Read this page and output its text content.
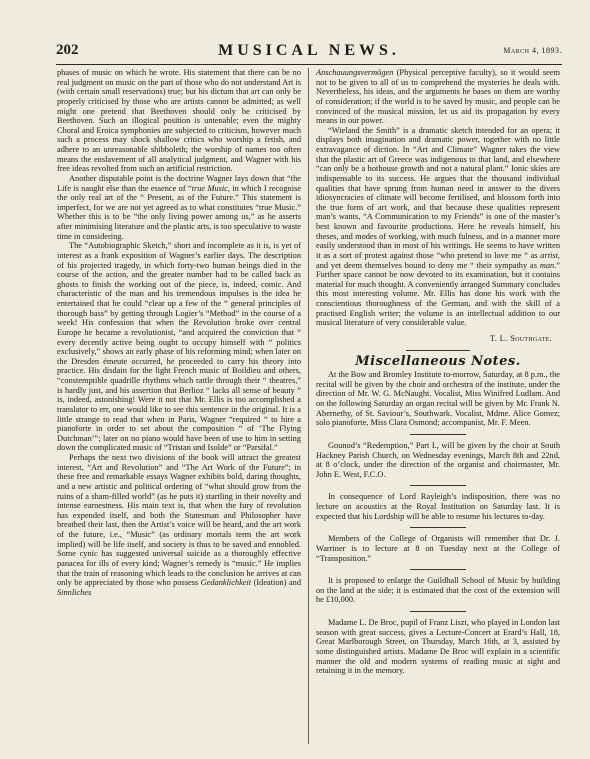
202	MUSICAL NEWS.	March 4, 1893.

phases of music on which he wrote. His statement that there can be no real judgment on music on the part of those who do not understand Art is (with certain small reservations) true; but his dictum that art can only be properly criticised by those who are artists cannot be admitted; as well might one pretend that Beethoven should only be criticised by Beethoven. Such an illogical position is untenable; even the mighty Choral and Eroica symphonies are subjected to criticism, however much such a process may shock shallow critics who worship a fetish, and adhere to an unreasonable shibboleth; the worship of names too often means the enslavement of all analytical judgment, and Wagner with his free ideas revolted from such an artificial restriction.

Another disputable point is the doctrine Wagner lays down that “the Life is naught else than the essence of “true Music, in which I recognise the only real art of the “ Present, as of the Future.” This statement is imperfect, for we are not yet agreed as to what constitutes “true Music.” Whether this is to be “the only living power among us,” as he asserts after minimising literature and the plastic arts, is too speculative to waste time in considering.

The “Autobiographic Sketch,” short and incomplete as it is, is yet of interest as a frank exposition of Wagner’s earlier days. The description of his projected tragedy, in which forty-two human beings died in the course of the action, and the greater number had to be called back as ghosts to finish the working out of the piece, is, indeed, comic. And characteristic of the man and his tremendous impulses is the idea he entertained that he could “clear up a few of the “ general principles of thorough bass” by getting through Logier’s “Method” in the course of a week! His confession that when the Revolution broke over central Europe he became a revolutionist, “and acquired the conviction that “ every decently active being ought to occupy himself with “ politics exclusively,” shows an early phase of his reforming mind; when later on the Dresden émeute occurred, he proceeded to carry his theory into practice. His disdain for the light French music of Boildieu and others, “constemptible quadrille rhythms which rattle through their “ theatres,” is hardly just, and his assertion that Berlioz “ lacks all sense of beauty ” is, indeed, astonishing! Were it not that Mr. Ellis is too accomplished a translator to err, one would like to see this sentence in the original. It is a little strange to read that when in Paris, Wagner “required “ to hire a pianoforte in order to set about the composition “ of ‘The Flying Dutchman’”; later on no piano would have been of use to him in setting down the complicated music of “Tristan und Isolde” or “Parsifal.”

Perhaps the next two divisions of the book will attract the greatest interest, “Art and Revolution” and “The Art Work of the Future”; in these free and remarkable essays Wagner exhibits bold, daring thoughts, and a new artistic and political ordering of “what should grow from the ruins of a sham-filled world” (as he puts it) startling in their novelty and intense earnestness. His main text is, that when the fury of revolution has expended itself, and both the Statesman and Philosopher have breathed their last, then the Artist’s voice will be heard, and the art work of the future, i.e., “Music” (as ordinary mortals term the art work implied) will be life itself, and society is thus to be saved and ennobled. Some cynic has suggested universal suicide as a thoroughly effective panacea for ills of every kind; Wagner’s remedy is “music.” He implies that the train of reasoning which leads to the conclusion he arrives at can only be appreciated by those who possess Gedanklichkeit (Ideation) and Sinnliches

Anschauungsvermögen (Physical perceptive faculty), so it would seem not to be given to all of us to comprehend the mysteries he deals with. Nevertheless, his ideas, and the arguments he bases on them are worthy of consideration; if the world is to be saved by music, and people can be convinced of the musical mission, let us aid its propagation by every means in our power.

“Wieland the Smith” is a dramatic sketch intended for an opera; it displays both imagination and dramatic power, together with no little extravagance of diction. In “Art and Climate” Wagner takes the view that the plastic art of Greece was indigenous to that land, and elsewhere “can only be a hothouse growth and not a natural plant.” Ionic skies are indispensable to its success. He argues that the thousand individual qualities that have sprung from human need in answer to the divers idiosyncracies of climate will become fertilised, and blossom forth into the true form of art work, and that because these qualities represent man’s wants, “A Communication to my Friends” is one of the master’s best known and favourite productions. Here he reveals himself, his theses, and modes of working, with much fulness, and in a manner more easily understood than in most of his writings. He seems to have written it as a sort of protest against those “who pretend to love me “ as artist, and yet deem themselves bound to deny me “ their sympathy as man.” Further space cannot be now devoted to its examination, but it contains material for much thought. A conveniently arranged Summary concludes this most interesting volume. Mr. Ellis has done his work with the conscientious thoroughness of the German, and with the skill of a practised English writer; the volume is an intellectual addition to our musical literature of very considerable value.

T. L. Southgate.
Miscellaneous Notes.

At the Bow and Bromley Institute to-morrow, Saturday, at 8 p.m., the recital will be given by the choir and orchestra of the institute, under the direction of Mr. W. G. McNaught. Vocalist, Miss Winifred Ludlam. And on the following Saturday an organ recital will be given by Mr. Frank N. Abernethy, of St. Saviour’s, Southwark. Vocalist, Mdme. Alice Gomez; solo pianoforte, Miss Clara Osmond; accompanist, Mr. F. Meen.

Gounod’s “Redemption,” Part I., will be given by the choir at South Hackney Parish Church, on Wednesday evenings, March 8th and 22nd, at 8 o’clock, under the direction of the organist and choirmaster, Mr. John E. West, F.C.O.

In consequence of Lord Rayleigh’s indisposition, there was no lecture on acoustics at the Royal Institution on Saturday last. It is expected that his Lordship will be able to resume his lectures to-day.

Members of the College of Organists will remember that Dr. J. Warriner is to lecture at 8 on Tuesday next at the College of “Transposition.”

It is proposed to enlarge the Guildhall School of Music by building on the land at the side; it is estimated that the cost of the extension will be £10,000.

Madame L. De Broc, pupil of Franz Liszt, who played in London last season with great success, gives a Lecture-Concert at Erard’s Hall, 18, Great Marlborough Street, on Thursday, March 16th, at 3, assisted by some distinguished artists. Madame De Broc will explain in a scientific manner the old and modern systems of reading music at sight and retaining it in the memory.
